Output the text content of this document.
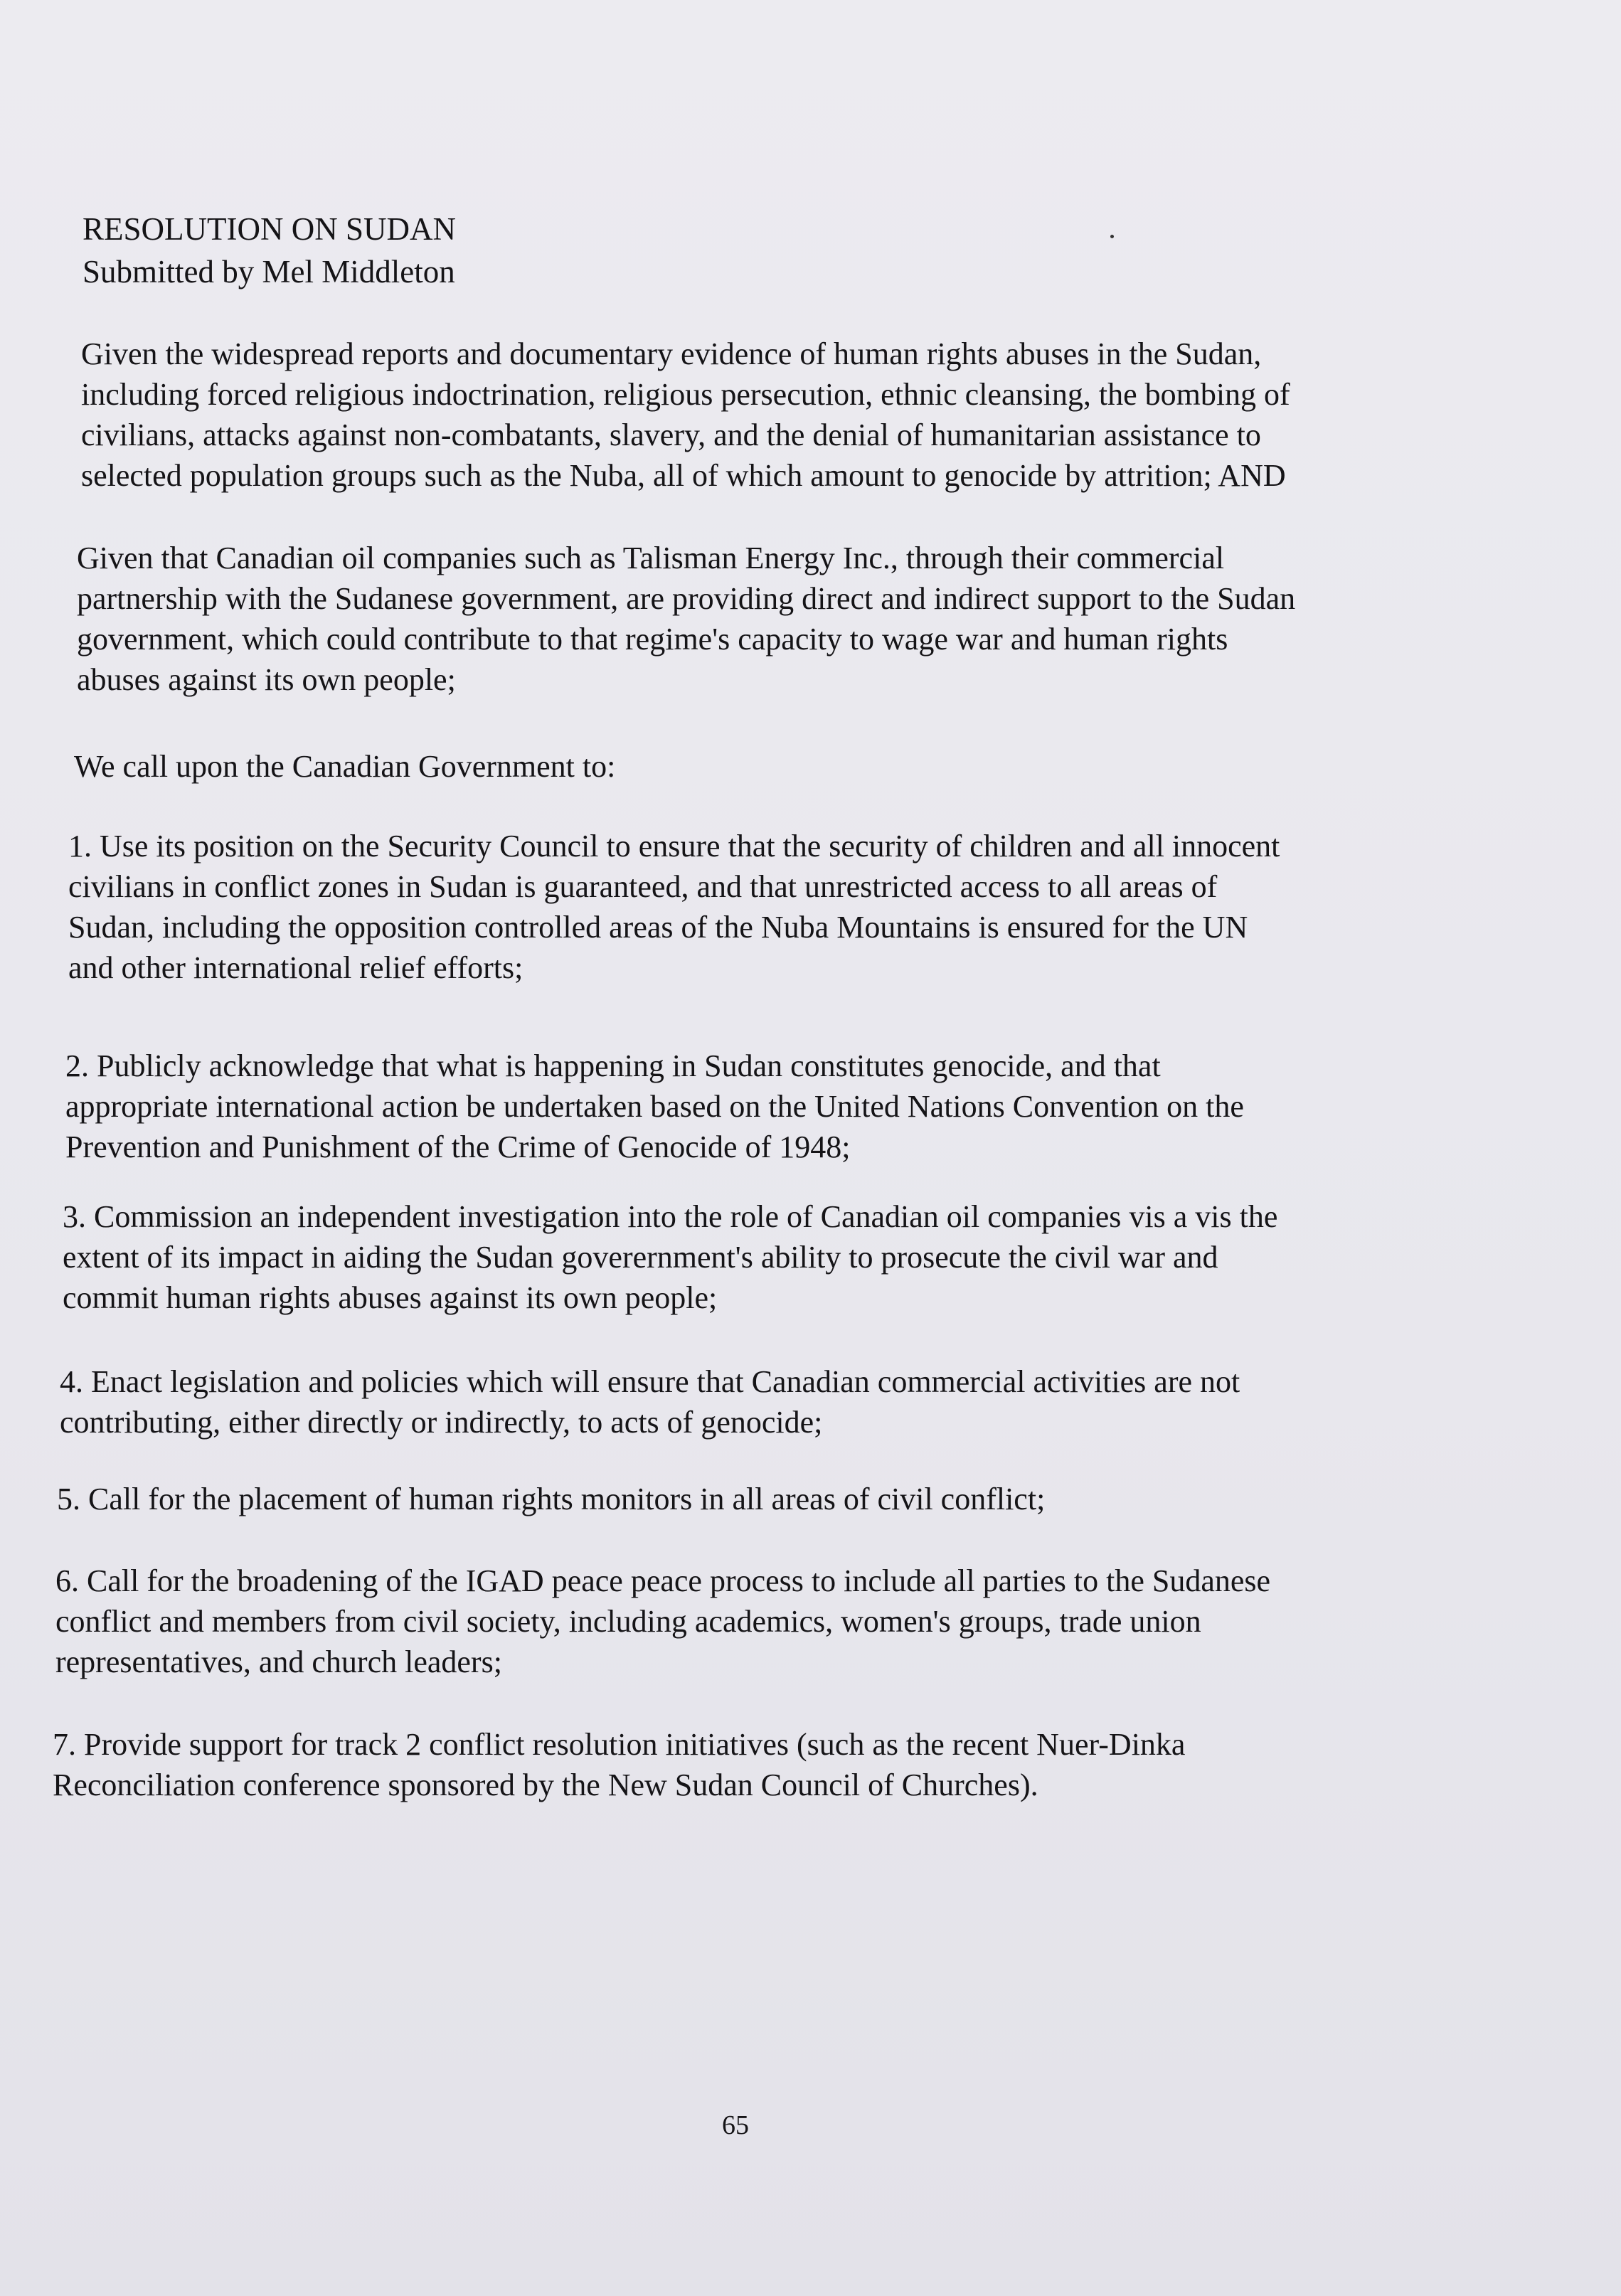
RESOLUTION ON SUDAN
Submitted by Mel Middleton
Given the widespread reports and documentary evidence of human rights abuses in the Sudan,
including forced religious indoctrination, religious persecution, ethnic cleansing, the bombing of
civilians, attacks against non-combatants, slavery, and the denial of humanitarian assistance to
selected population groups such as the Nuba, all of which amount to genocide by attrition; AND
Given that Canadian oil companies such as Talisman Energy Inc., through their commercial
partnership with the Sudanese government, are providing direct and indirect support to the Sudan
government, which could contribute to that regime's capacity to wage war and human rights
abuses against its own people;
We call upon the Canadian Government to:
1. Use its position on the Security Council to ensure that the security of children and all innocent
civilians in conflict zones in Sudan is guaranteed, and that unrestricted access to all areas of
Sudan, including the opposition controlled areas of the Nuba Mountains is ensured for the UN
and other international relief efforts;
2. Publicly acknowledge that what is happening in Sudan constitutes genocide, and that
appropriate international action be undertaken based on the United Nations Convention on the
Prevention and Punishment of the Crime of Genocide of 1948;
3. Commission an independent investigation into the role of Canadian oil companies vis a vis the
extent of its impact in aiding the Sudan goverernment's ability to prosecute the civil war and
commit human rights abuses against its own people;
4. Enact legislation and policies which will ensure that Canadian commercial activities are not
contributing, either directly or indirectly, to acts of genocide;
5. Call for the placement of human rights monitors in all areas of civil conflict;
6. Call for the broadening of the IGAD peace peace process to include all parties to the Sudanese
conflict and members from civil society, including academics, women's groups, trade union
representatives, and church leaders;
7. Provide support for track 2 conflict resolution initiatives (such as the recent Nuer-Dinka
Reconciliation conference sponsored by the New Sudan Council of Churches).
65
